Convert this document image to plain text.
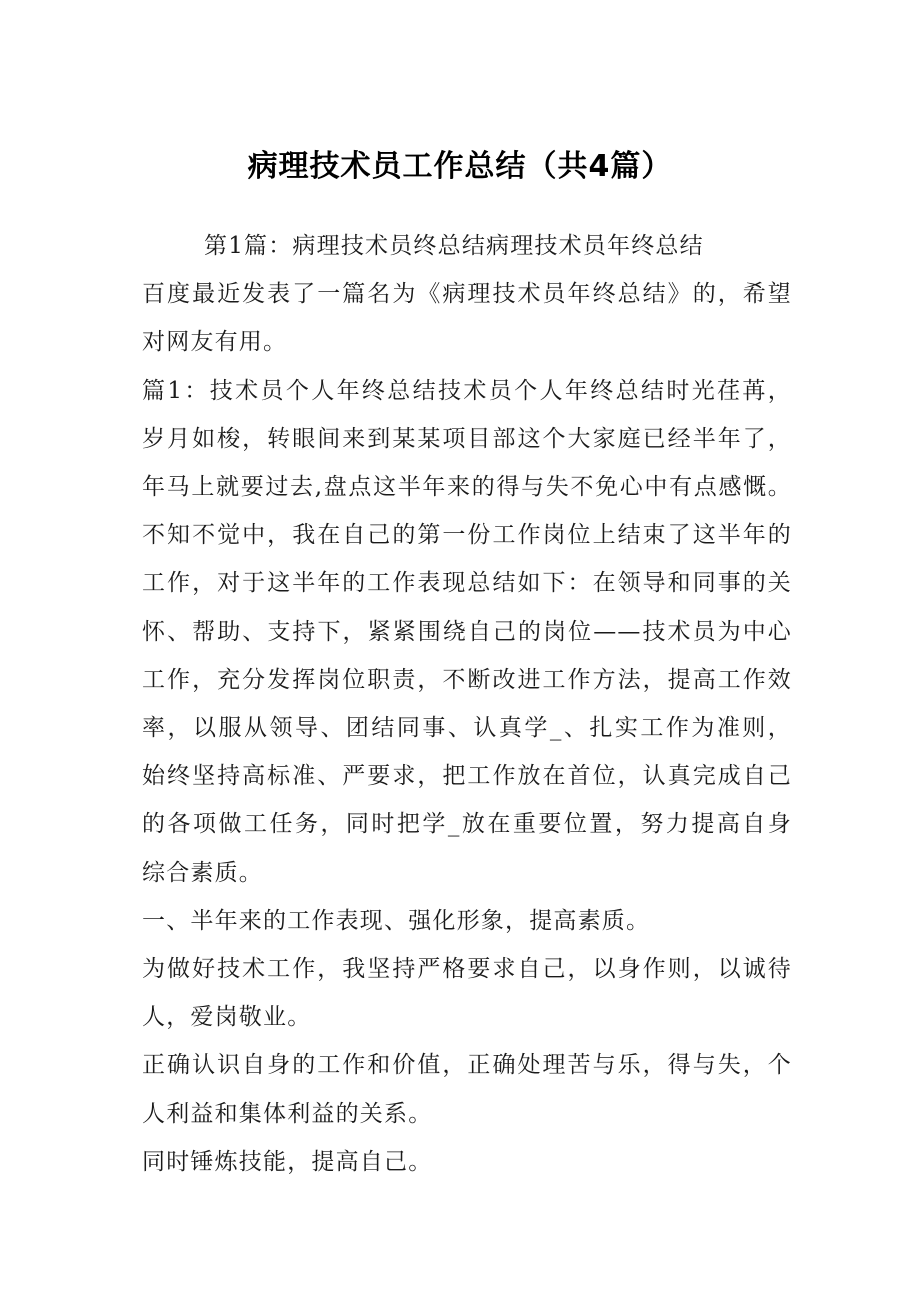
病理技术员工作总结（共4篇）
第1篇：病理技术员终总结病理技术员年终总结
百度最近发表了一篇名为《病理技术员年终总结》的，希望
对网友有用。
篇1：技术员个人年终总结技术员个人年终总结时光荏苒，
岁月如梭，转眼间来到某某项目部这个大家庭已经半年了，
年马上就要过去,盘点这半年来的得与失不免心中有点感慨。
不知不觉中，我在自己的第一份工作岗位上结束了这半年的
工作，对于这半年的工作表现总结如下：在领导和同事的关
怀、帮助、支持下，紧紧围绕自己的岗位——技术员为中心
工作，充分发挥岗位职责，不断改进工作方法，提高工作效
率，以服从领导、团结同事、认真学_、扎实工作为准则，
始终坚持高标准、严要求，把工作放在首位，认真完成自己
的各项做工任务，同时把学_放在重要位置，努力提高自身
综合素质。
一、半年来的工作表现、强化形象，提高素质。
为做好技术工作，我坚持严格要求自己，以身作则，以诚待
人，爱岗敬业。
正确认识自身的工作和价值，正确处理苦与乐，得与失，个
人利益和集体利益的关系。
同时锤炼技能，提高自己。
